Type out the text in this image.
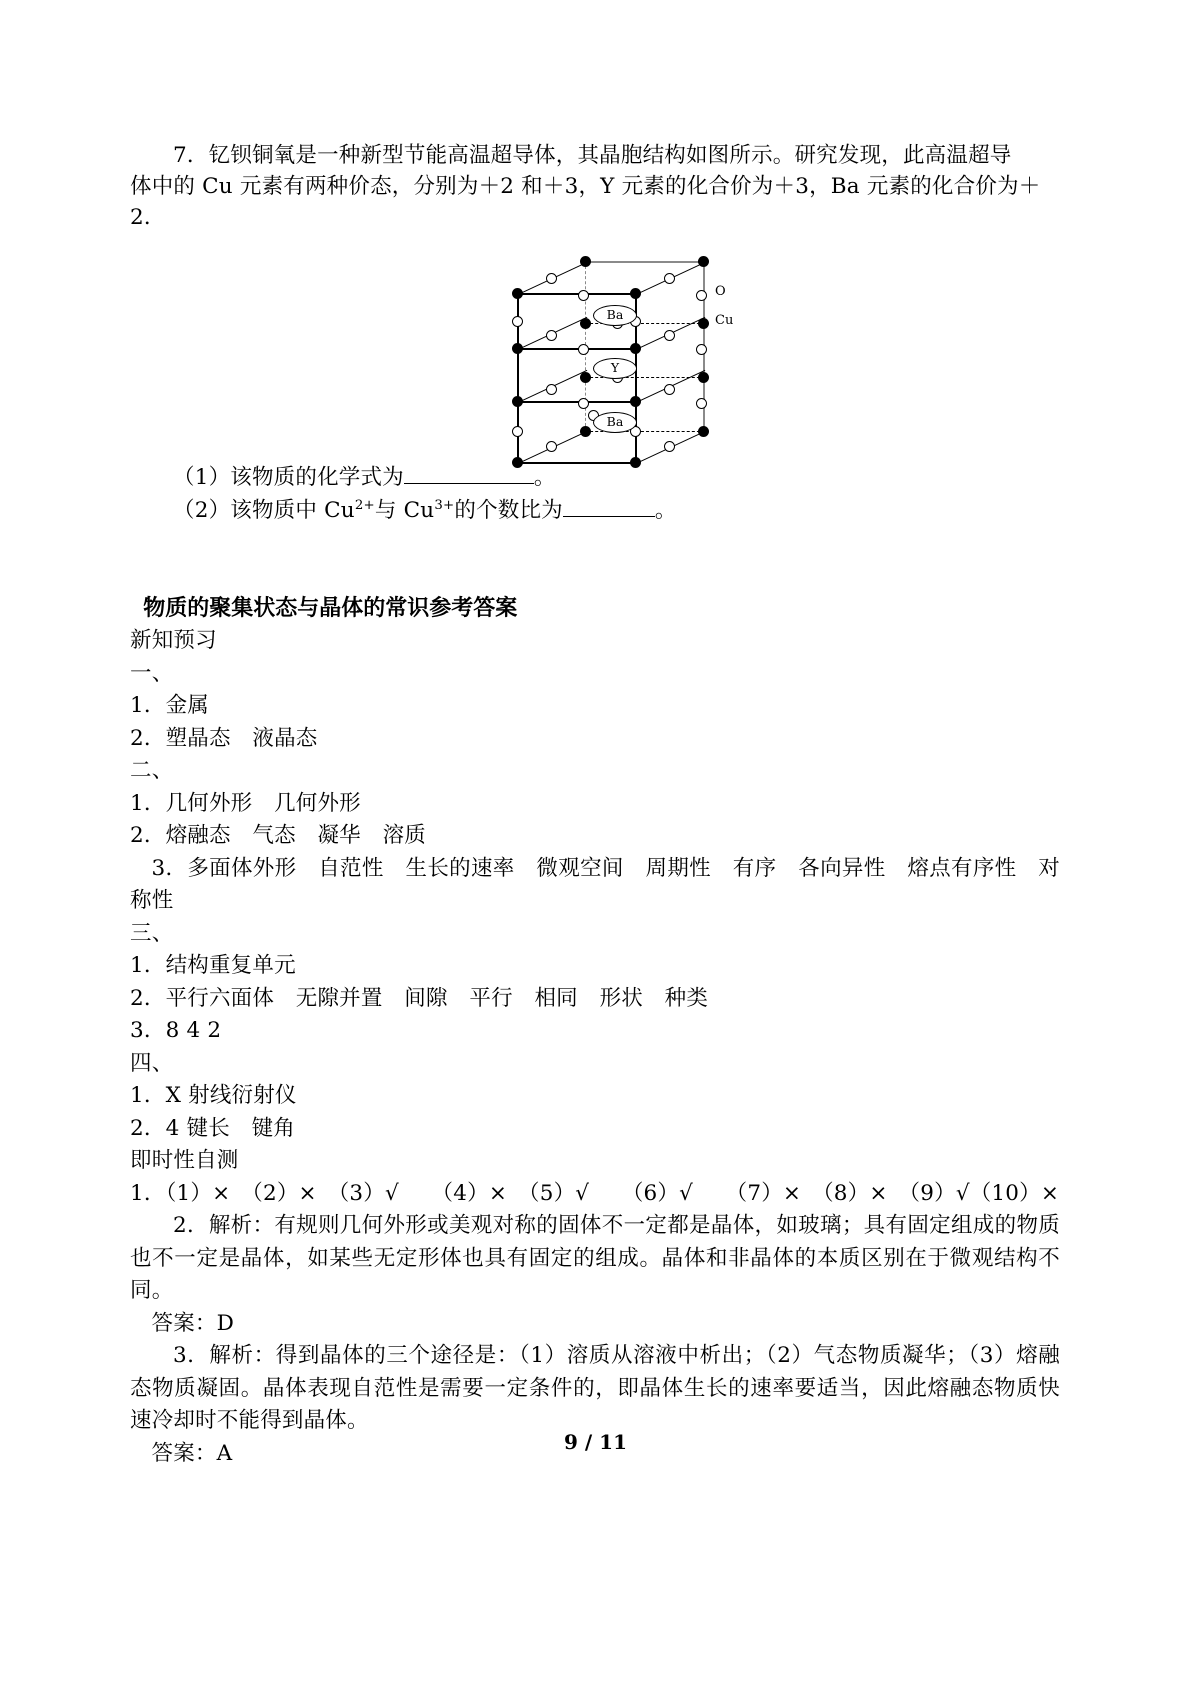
7．钇钡铜氧是一种新型节能高温超导体，其晶胞结构如图所示。研究发现，此高温超导

体中的 Cu 元素有两种价态，分别为＋2 和＋3，Y 元素的化合价为＋3，Ba 元素的化合价为＋

2．

Ba
Y
Ba
O
Cu

（1）该物质的化学式为	。

（2）该物质中 $Cu^{2+}$与 $Cu^{3+}$的个数比为	。

物质的聚集状态与晶体的常识参考答案

新知预习

一、

1．金属

2．塑晶态　液晶态

二、

1．几何外形　几何外形

2．熔融态　气态　凝华　溶质

3．多面体外形　自范性　生长的速率　微观空间　周期性　有序　各向异性　熔点有序性　对称性

三、

1．结构重复单元

2．平行六面体　无隙并置　间隙　平行　相同　形状　种类

3．8 4 2

四、

1．X 射线衍射仪

2．4 键长　键角

即时性自测

1．（1）×　（2）×　（3）√　　（4）×　（5）√　　（6）√　　（7）×　（8）×　（9）√（10）×

2．解析：有规则几何外形或美观对称的固体不一定都是晶体，如玻璃；具有固定组成的物质也不一定是晶体，如某些无定形体也具有固定的组成。晶体和非晶体的本质区别在于微观结构不同。

答案：D

3．解析：得到晶体的三个途径是：（1）溶质从溶液中析出；（2）气态物质凝华；（3）熔融态物质凝固。晶体表现自范性是需要一定条件的，即晶体生长的速率要适当，因此熔融态物质快速冷却时不能得到晶体。

答案：A	9 / 11
